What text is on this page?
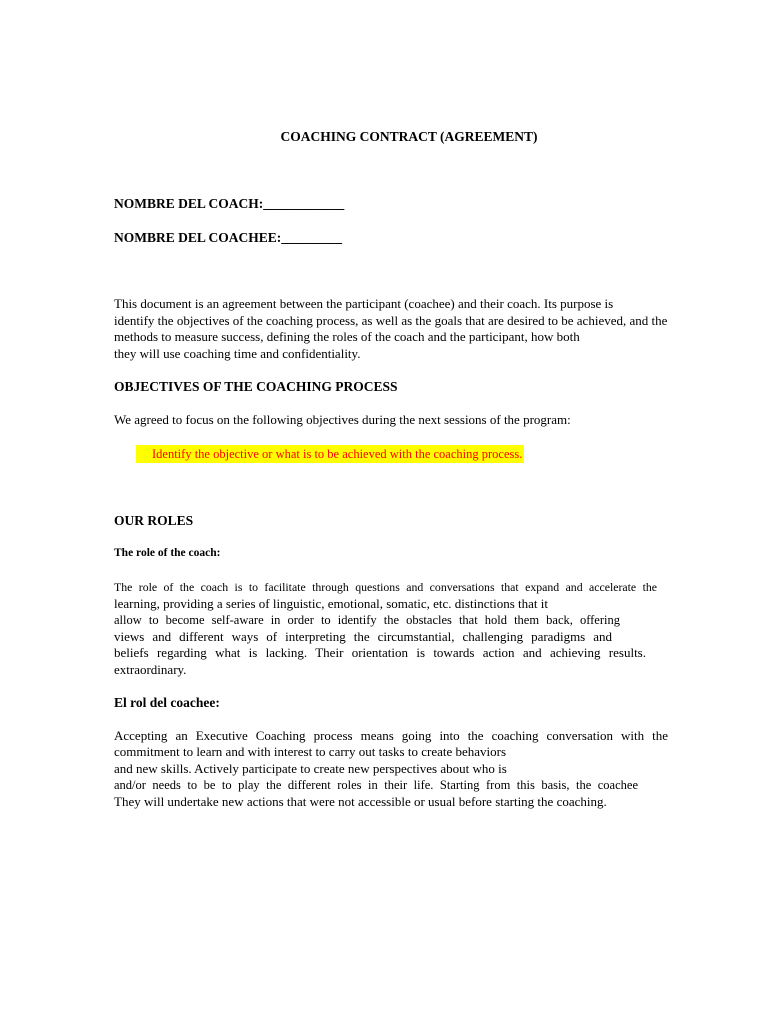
COACHING CONTRACT (AGREEMENT)
NOMBRE DEL COACH:____________
NOMBRE DEL COACHEE:_________
This document is an agreement between the participant (coachee) and their coach. Its purpose is
identify the objectives of the coaching process, as well as the goals that are desired to be achieved, and the
methods to measure success, defining the roles of the coach and the participant, how both
they will use coaching time and confidentiality.
OBJECTIVES OF THE COACHING PROCESS
We agreed to focus on the following objectives during the next sessions of the program:
Identify the objective or what is to be achieved with the coaching process.
OUR ROLES
The role of the coach:
The role of the coach is to facilitate through questions and conversations that expand and accelerate the
learning, providing a series of linguistic, emotional, somatic, etc. distinctions that it
allow to become self-aware in order to identify the obstacles that hold them back, offering
views and different ways of interpreting the circumstantial, challenging paradigms and
beliefs regarding what is lacking. Their orientation is towards action and achieving results.
extraordinary.
El rol del coachee:
Accepting an Executive Coaching process means going into the coaching conversation with the
commitment to learn and with interest to carry out tasks to create behaviors
and new skills. Actively participate to create new perspectives about who is
and/or needs to be to play the different roles in their life. Starting from this basis, the coachee
They will undertake new actions that were not accessible or usual before starting the coaching.
